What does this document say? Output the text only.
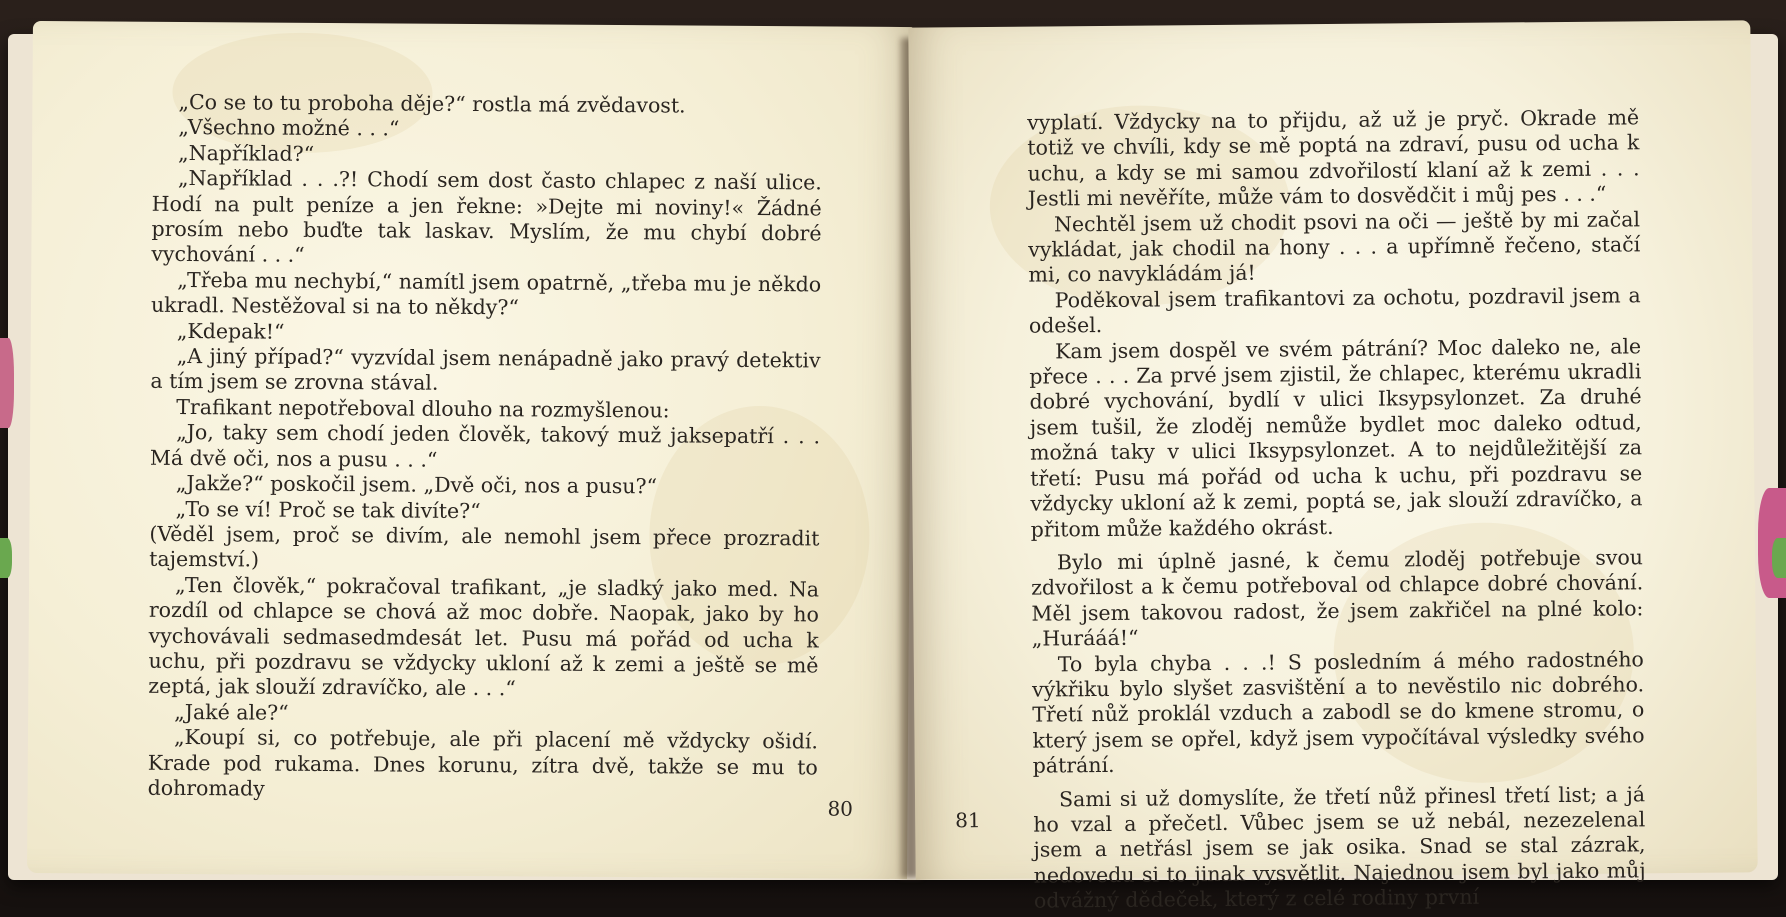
„Co se to tu proboha děje?“ rostla má zvědavost.

„Všechno možné . . .“

„Například?“

„Například . . .?! Chodí sem dost často chlapec z naší ulice. Hodí na pult peníze a jen řekne: »Dejte mi noviny!« Žádné prosím nebo buďte tak laskav. Myslím, že mu chybí dobré vychování . . .“

„Třeba mu nechybí,“ namítl jsem opatrně, „třeba mu je někdo ukradl. Nestěžoval si na to někdy?“

„Kdepak!“

„A jiný případ?“ vyzvídal jsem nenápadně jako pravý detektiv a tím jsem se zrovna stával.

Trafikant nepotřeboval dlouho na rozmyšlenou:

„Jo, taky sem chodí jeden člověk, takový muž jaksepatří . . . Má dvě oči, nos a pusu . . .“

„Jakže?“ poskočil jsem. „Dvě oči, nos a pusu?“

„To se ví! Proč se tak divíte?“

(Věděl jsem, proč se divím, ale nemohl jsem přece prozradit tajemství.)

„Ten člověk,“ pokračoval trafikant, „je sladký jako med. Na rozdíl od chlapce se chová až moc dobře. Naopak, jako by ho vychovávali sedmasedmdesát let. Pusu má pořád od ucha k uchu, při pozdravu se vždycky ukloní až k zemi a ještě se mě zeptá, jak slouží zdravíčko, ale . . .“

„Jaké ale?“

„Koupí si, co potřebuje, ale při placení mě vždycky ošidí. Krade pod rukama. Dnes korunu, zítra dvě, takže se mu to dohromady

80

vyplatí. Vždycky na to přijdu, až už je pryč. Okrade mě totiž ve chvíli, kdy se mě poptá na zdraví, pusu od ucha k uchu, a kdy se mi samou zdvořilostí klaní až k zemi . . . Jestli mi nevěříte, může vám to dosvědčit i můj pes . . .“

Nechtěl jsem už chodit psovi na oči — ještě by mi začal vykládat, jak chodil na hony . . . a upřímně řečeno, stačí mi, co navykládám já!

Poděkoval jsem trafikantovi za ochotu, pozdravil jsem a odešel.

Kam jsem dospěl ve svém pátrání? Moc daleko ne, ale přece . . . Za prvé jsem zjistil, že chlapec, kterému ukradli dobré vychování, bydlí v ulici Iksypsylonzet. Za druhé jsem tušil, že zloděj nemůže bydlet moc daleko odtud, možná taky v ulici Iksypsylonzet. A to nejdůležitější za třetí: Pusu má pořád od ucha k uchu, při pozdravu se vždycky ukloní až k zemi, poptá se, jak slouží zdravíčko, a přitom může každého okrást.

Bylo mi úplně jasné, k čemu zloděj potřebuje svou zdvořilost a k čemu potřeboval od chlapce dobré chování. Měl jsem takovou radost, že jsem zakřičel na plné kolo: „Hurááá!“

To byla chyba . . .! S posledním á mého radostného výkřiku bylo slyšet zasvištění a to nevěstilo nic dobrého. Třetí nůž proklál vzduch a zabodl se do kmene stromu, o který jsem se opřel, když jsem vypočítával výsledky svého pátrání.

Sami si už domyslíte, že třetí nůž přinesl třetí list; a já ho vzal a přečetl. Vůbec jsem se už nebál, nezezelenal jsem a netřásl jsem se jak osika. Snad se stal zázrak, nedovedu si to jinak vysvětlit. Najednou jsem byl jako můj odvážný dědeček, který z celé rodiny první

81
